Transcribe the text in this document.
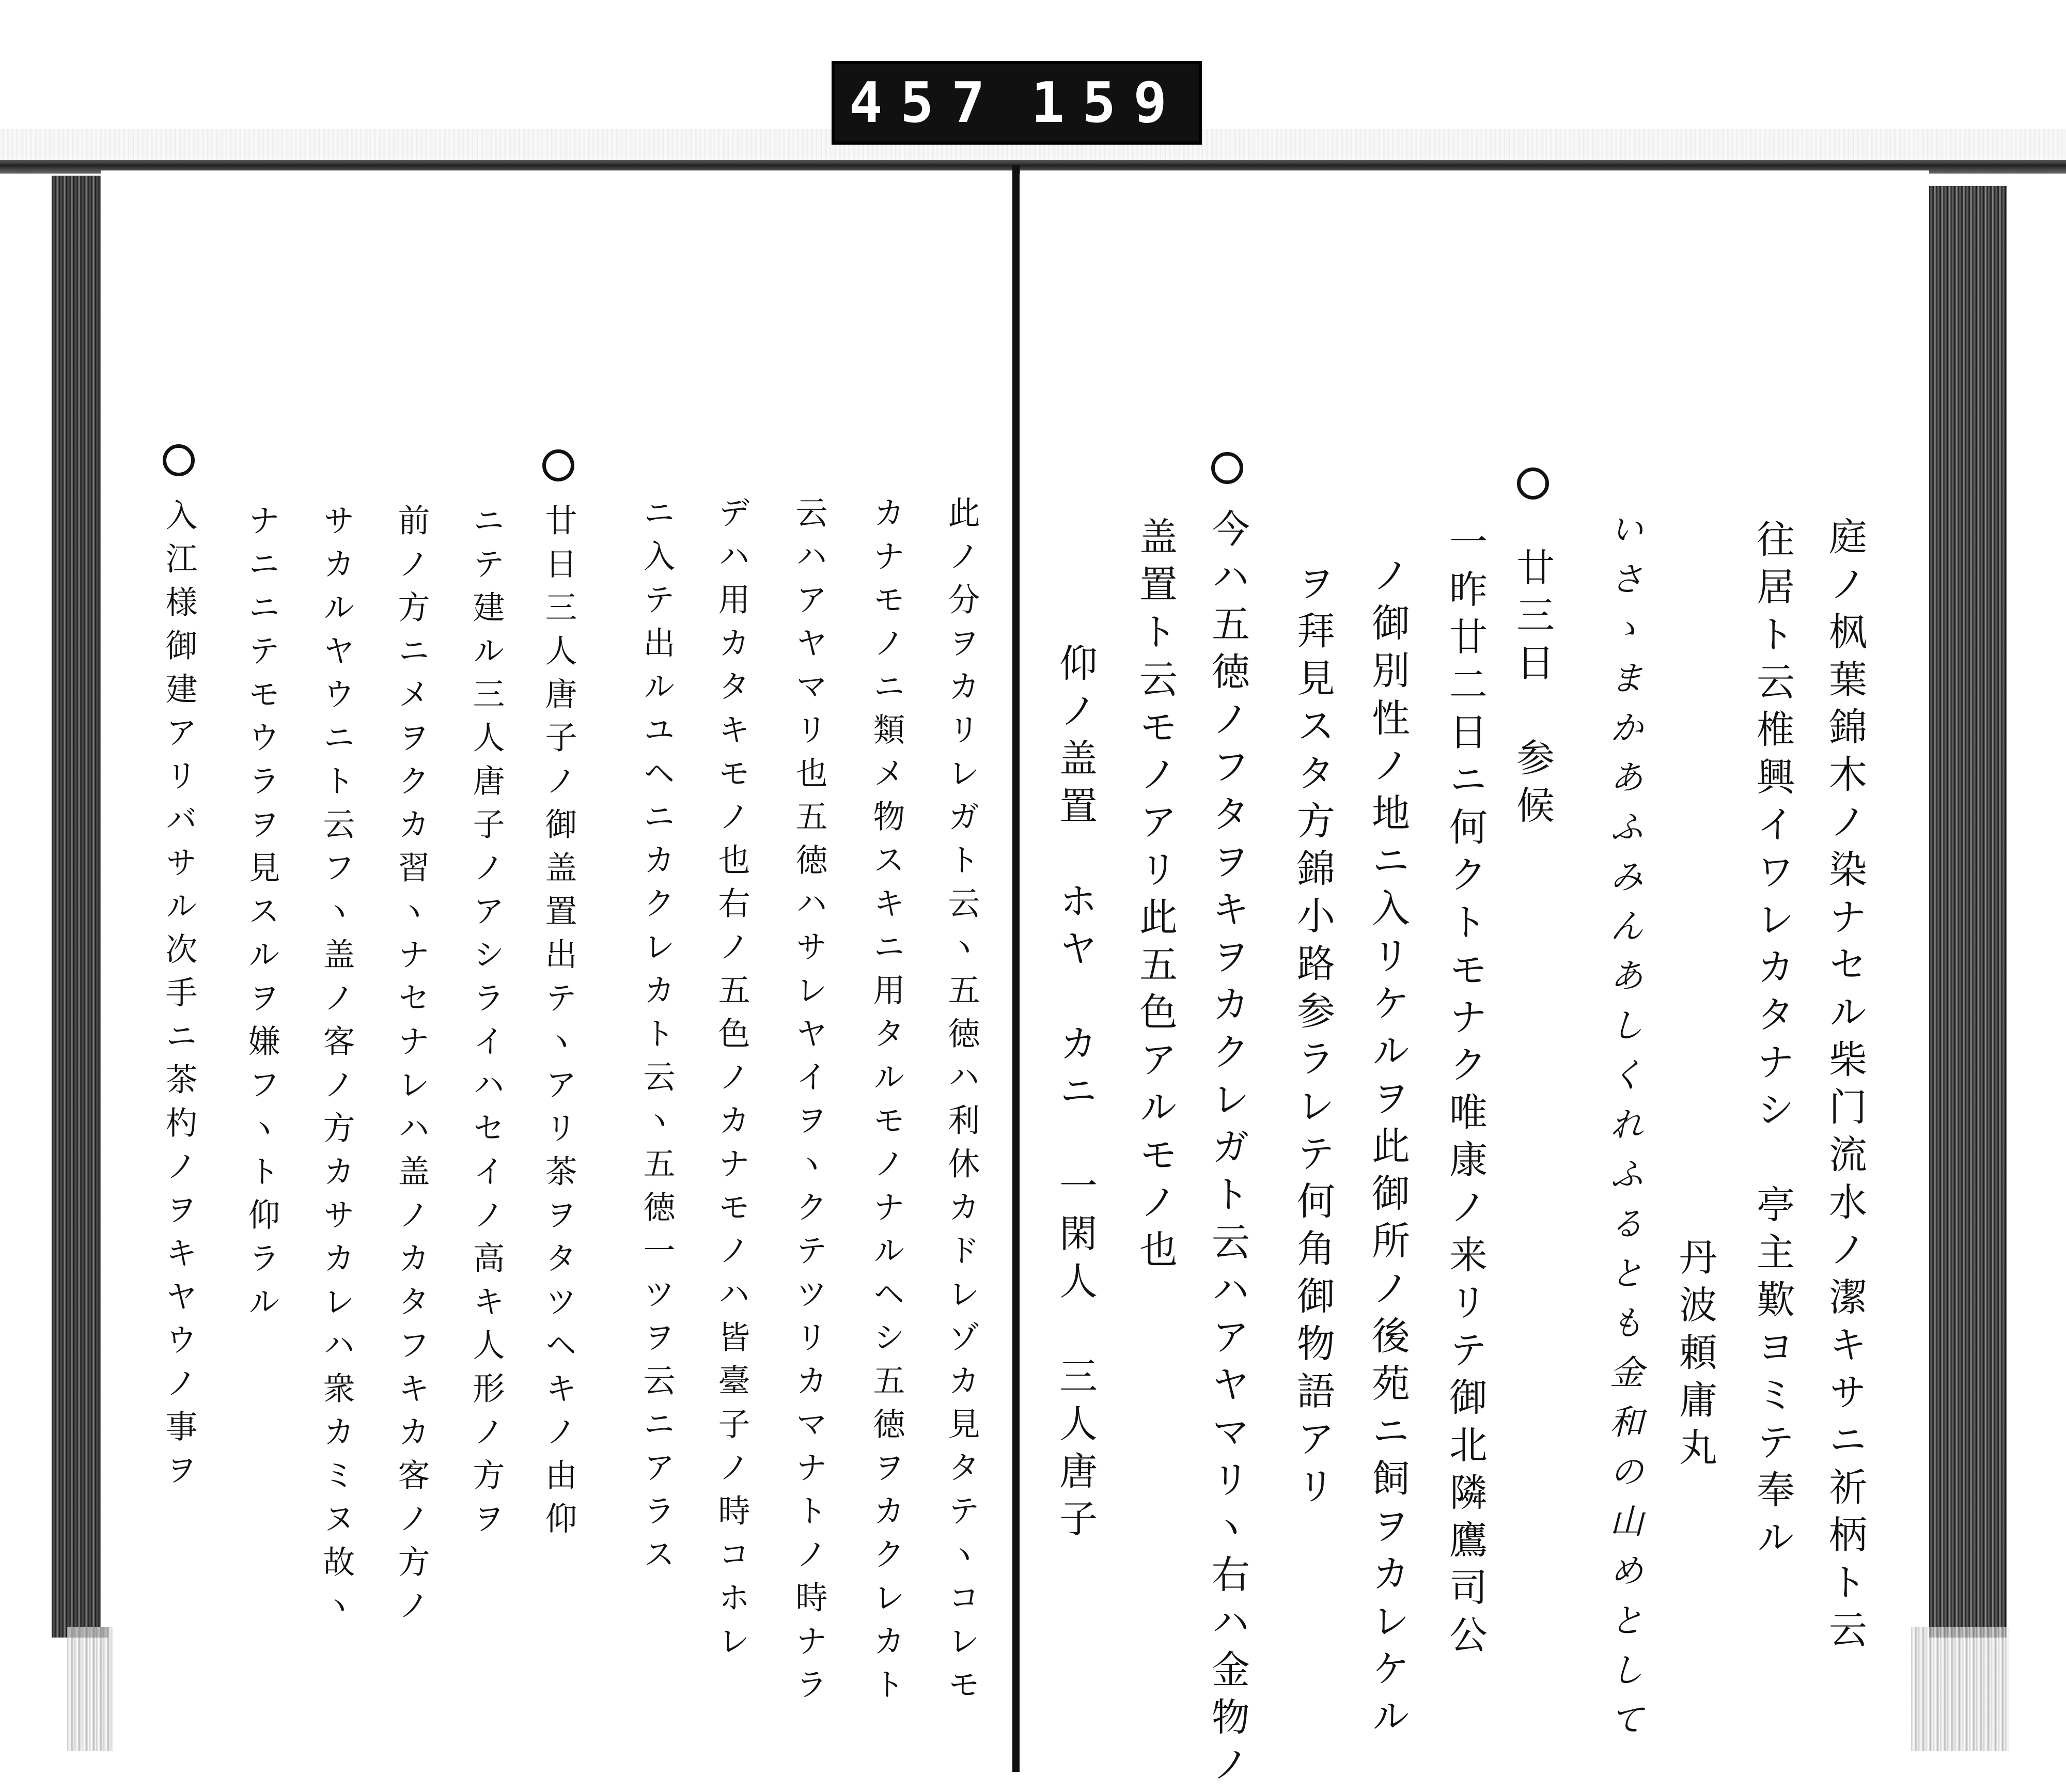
457 159
庭ノ枫葉錦木ノ染ナセル柴门流水ノ潔キサニ祈柄ト云
往居ト云椎興イワレカタナシ　亭主歎ヨミテ奉ル
丹波頼庸丸
いさゝまかあふみんあしくれふるとも金和の山めとして
廿三日　参候
一昨廿二日ニ何クトモナク唯康ノ来リテ御北隣鷹司公
ノ御別性ノ地ニ入リケルヲ此御所ノ後苑ニ飼ヲカレケル
ヲ拜見スタ方錦小路参ラレテ何角御物語アリ
今ハ五徳ノフタヲキヲカクレガト云ハアヤマリヽ右ハ金物ノ
盖置ト云モノアリ此五色アルモノ也
仰ノ盖置　ホヤ　カニ　一閑人　三人唐子
此ノ分ヲカリレガト云ヽ五徳ハ利休カドレゾカ見タテヽコレモ
カナモノニ類メ物スキニ用タルモノナルヘシ五徳ヲカクレカト
云ハアヤマリ也五徳ハサレヤイヲヽクテツリカマナトノ時ナラ
デハ用カタキモノ也右ノ五色ノカナモノハ皆臺子ノ時コホレ
ニ入テ出ルユヘニカクレカト云ヽ五徳一ツヲ云ニアラス
廿日三人唐子ノ御盖置出テヽアリ茶ヲタツヘキノ由仰
ニテ建ル三人唐子ノアシライハセイノ高キ人形ノ方ヲ
前ノ方ニメヲクカ習ヽナセナレハ盖ノカタフキカ客ノ方ノ
サカルヤウニト云フヽ盖ノ客ノ方カサカレハ衆カミヌ故ヽ
ナニニテモウラヲ見スルヲ嫌フヽト仰ラル
入江様御建アリバサル次手ニ茶杓ノヲキヤウノ事ヲ
